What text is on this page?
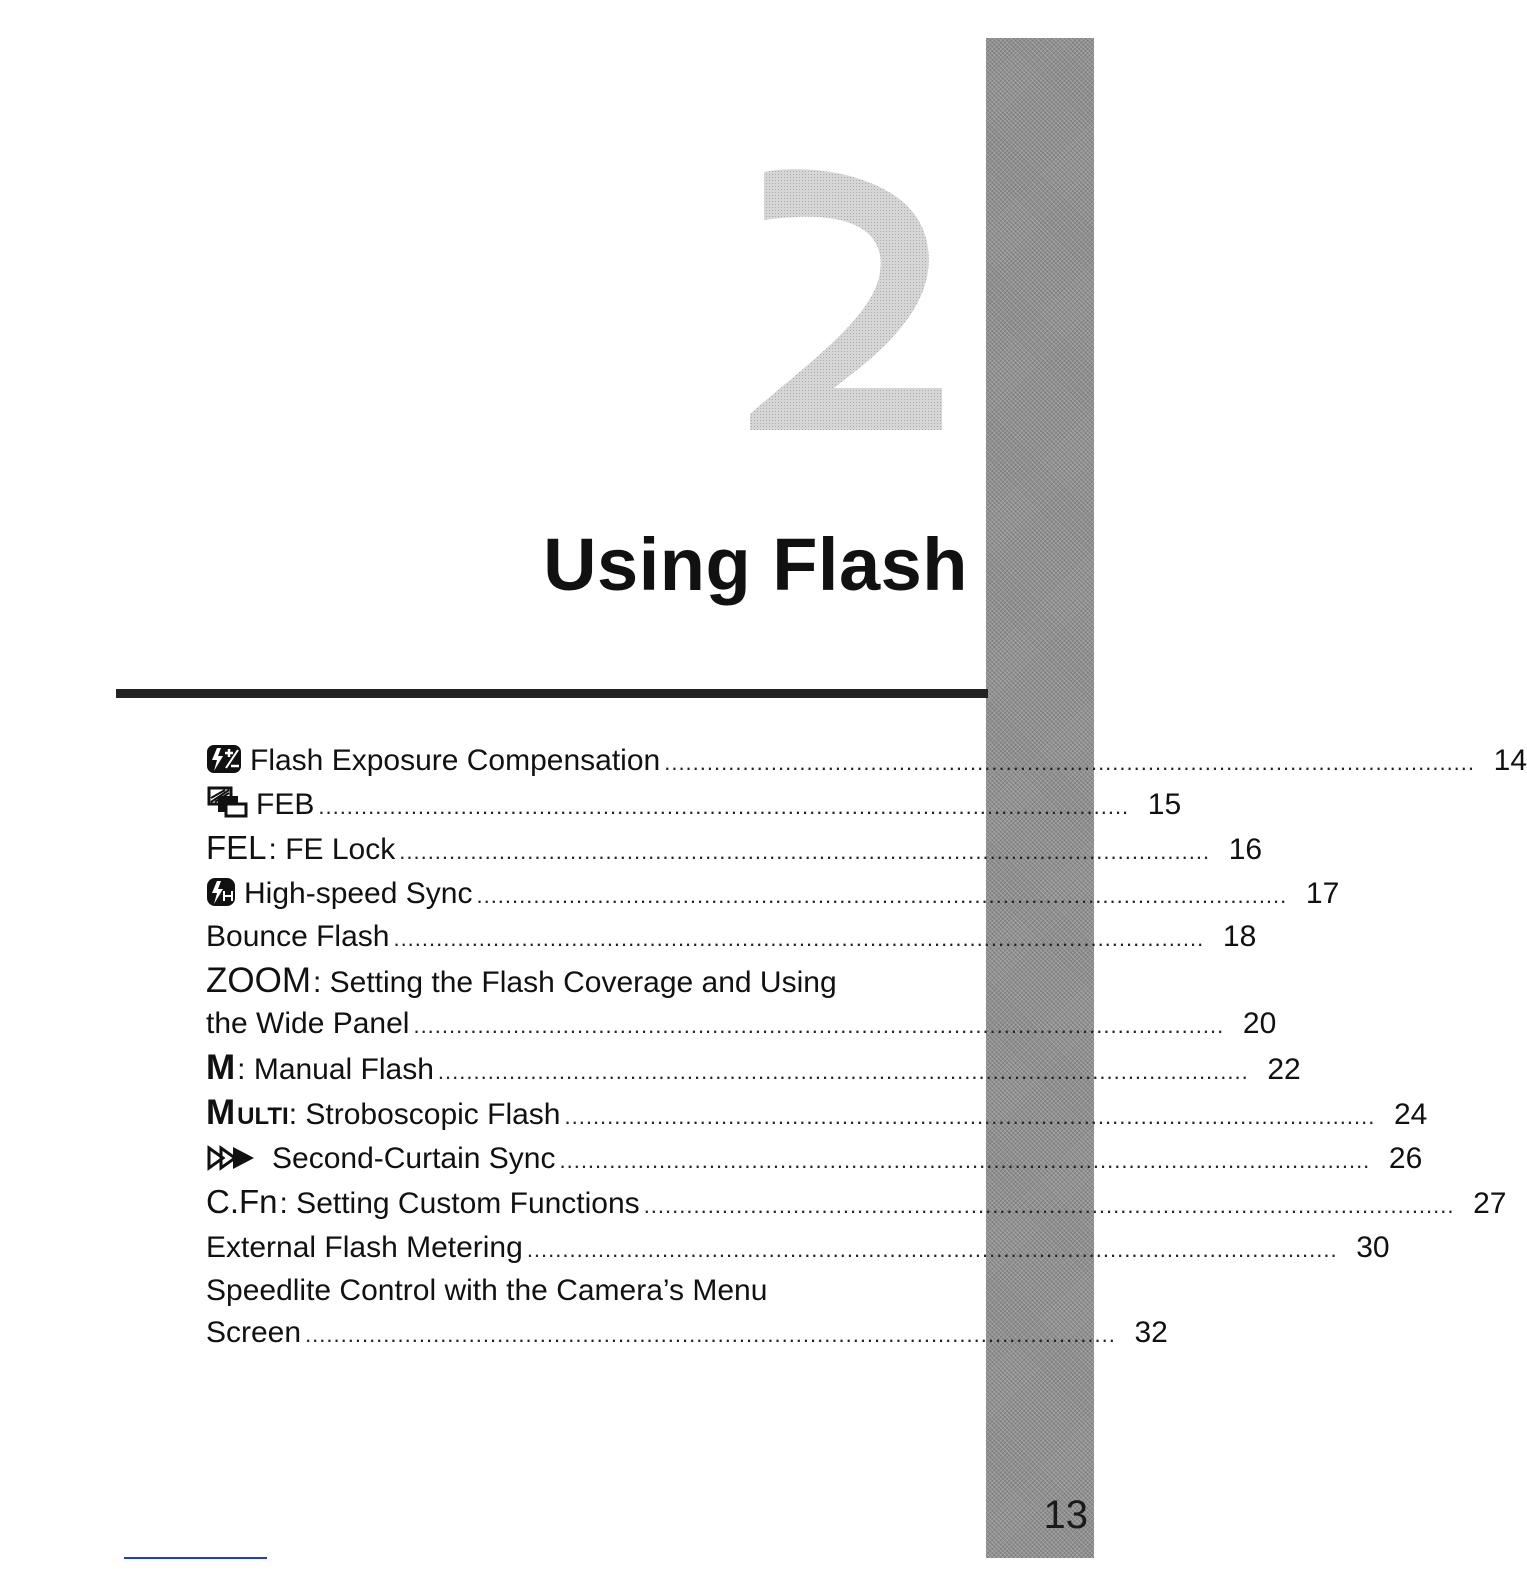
13
2
Using Flash
Flash Exposure Compensation .................................................................................................................. 14
FEB .................................................................................................................. 15
FEL: FE Lock .................................................................................................................. 16
High-speed Sync .................................................................................................................. 17
Bounce Flash .................................................................................................................. 18
ZOOM: Setting the Flash Coverage and Using
the Wide Panel .................................................................................................................. 20
M: Manual Flash .................................................................................................................. 22
MULTI: Stroboscopic Flash .................................................................................................................. 24
Second-Curtain Sync .................................................................................................................. 26
C.Fn: Setting Custom Functions .................................................................................................................. 27
External Flash Metering .................................................................................................................. 30
Speedlite Control with the Camera’s Menu
Screen .................................................................................................................. 32
